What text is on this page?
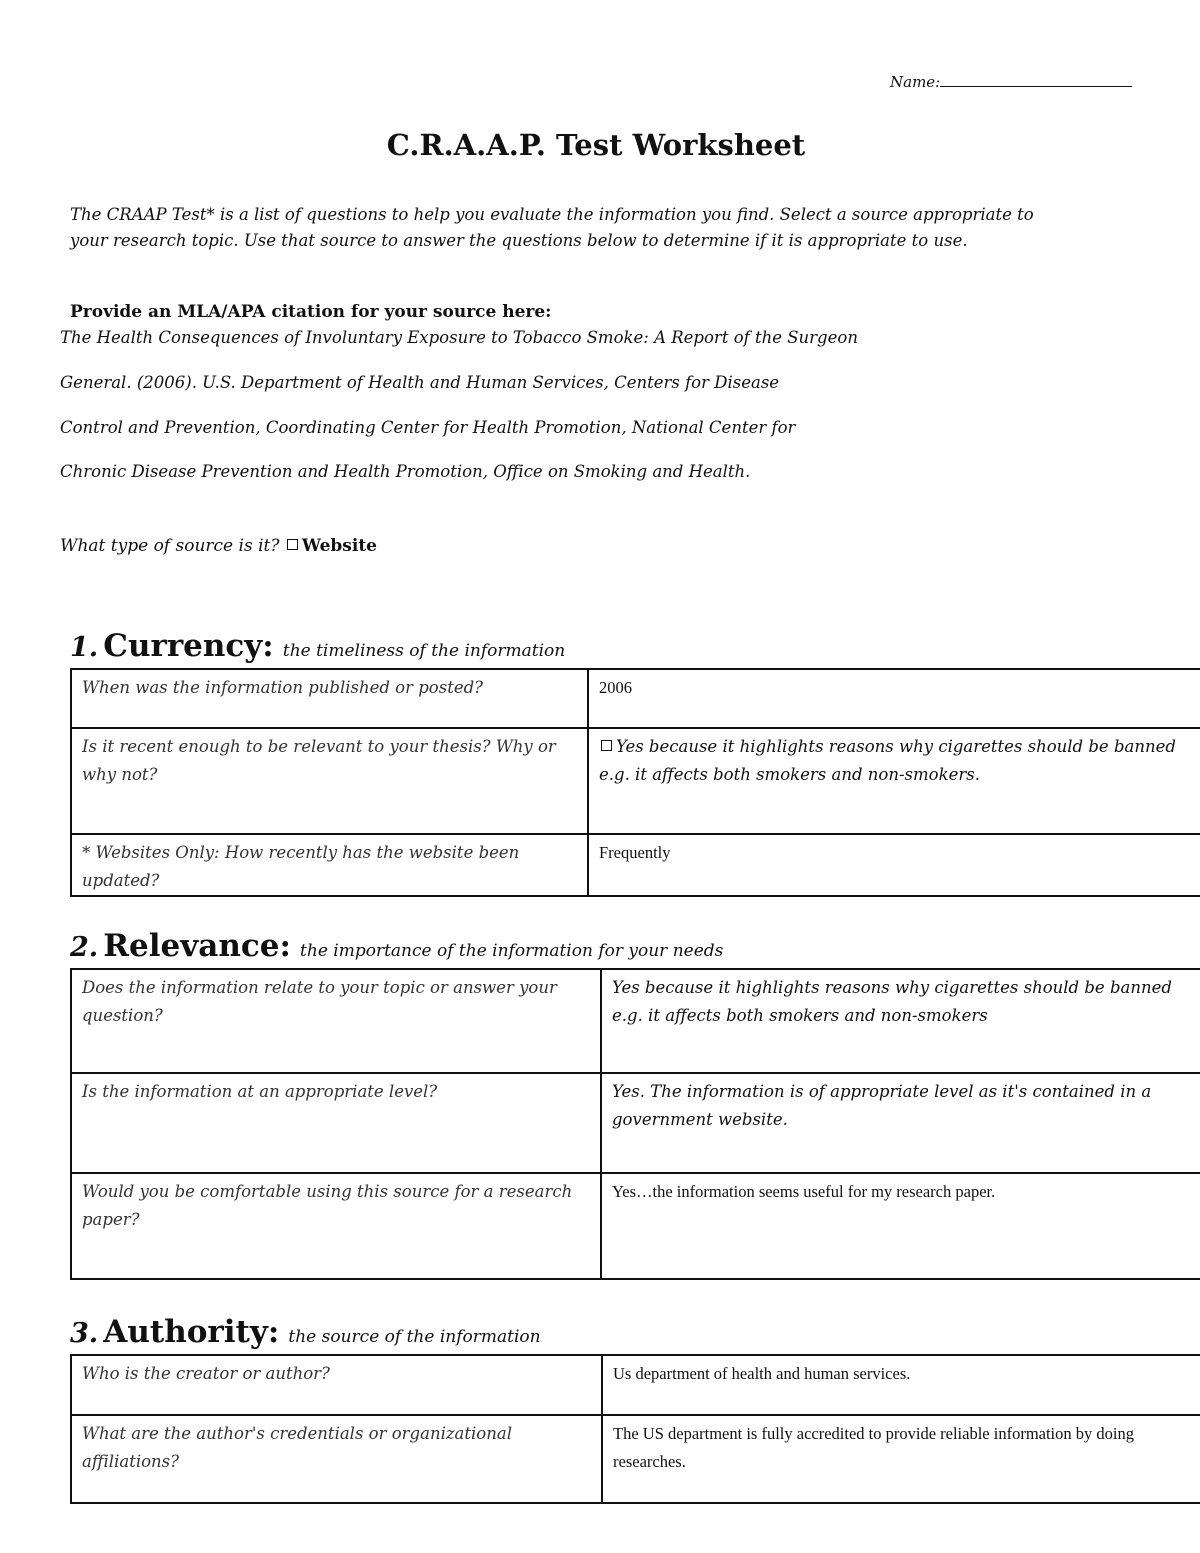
Name:
C.R.A.A.P. Test Worksheet
The CRAAP Test* is a list of questions to help you evaluate the information you find. Select a source appropriate to
your research topic. Use that source to answer the questions below to determine if it is appropriate to use.
Provide an MLA/APA citation for your source here:
The Health Consequences of Involuntary Exposure to Tobacco Smoke: A Report of the Surgeon
General. (2006). U.S. Department of Health and Human Services, Centers for Disease
Control and Prevention, Coordinating Center for Health Promotion, National Center for
Chronic Disease Prevention and Health Promotion, Office on Smoking and Health.
What type of source is it? Website
1. Currency: the timeliness of the information
When was the information published or posted?	2006
Is it recent enough to be relevant to your thesis? Why or why not?	Yes because it highlights reasons why cigarettes should be banned e.g. it affects both smokers and non-smokers.
* Websites Only: How recently has the website been updated?	Frequently
2. Relevance: the importance of the information for your needs
Does the information relate to your topic or answer your question?	Yes because it highlights reasons why cigarettes should be banned e.g. it affects both smokers and non-smokers
Is the information at an appropriate level?	Yes. The information is of appropriate level as it's contained in a government website.
Would you be comfortable using this source for a research paper?	Yes…the information seems useful for my research paper.
3. Authority: the source of the information
Who is the creator or author?	Us department of health and human services.
What are the author's credentials or organizational affiliations?	The US department is fully accredited to provide reliable information by doing researches.
